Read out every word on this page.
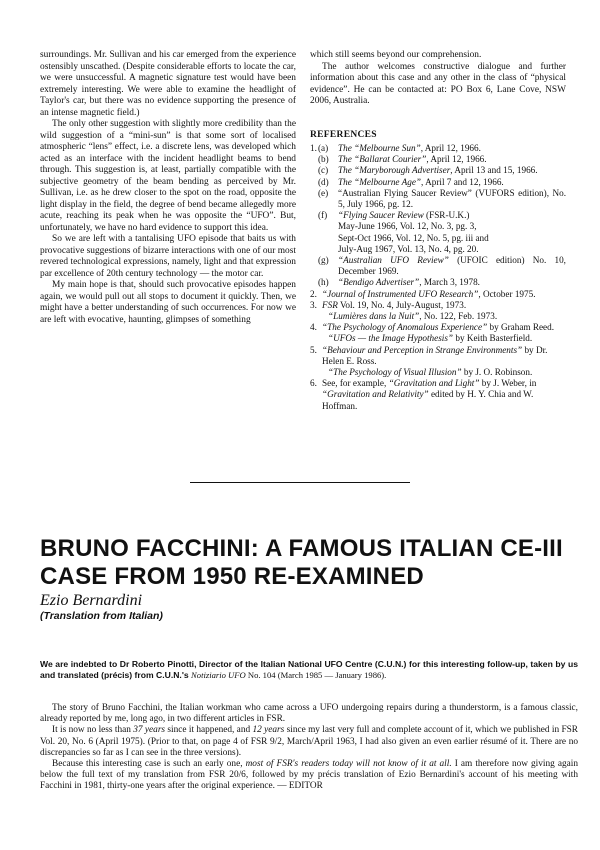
surroundings. Mr. Sullivan and his car emerged from the experience ostensibly unscathed. (Despite considerable efforts to locate the car, we were unsuccessful. A magnetic signature test would have been extremely interesting. We were able to examine the headlight of Taylor's car, but there was no evidence supporting the presence of an intense magnetic field.)

The only other suggestion with slightly more credibility than the wild suggestion of a “mini-sun” is that some sort of localised atmospheric “lens” effect, i.e. a discrete lens, was developed which acted as an interface with the incident headlight beams to bend through. This suggestion is, at least, partially compatible with the subjective geometry of the beam bending as perceived by Mr. Sullivan, i.e. as he drew closer to the spot on the road, opposite the light display in the field, the degree of bend became allegedly more acute, reaching its peak when he was opposite the “UFO”. But, unfortunately, we have no hard evidence to support this idea.

So we are left with a tantalising UFO episode that baits us with provocative suggestions of bizarre interactions with one of our most revered technological expressions, namely, light and that expression par excellence of 20th century technology — the motor car.

My main hope is that, should such provocative episodes happen again, we would pull out all stops to document it quickly. Then, we might have a better understanding of such occurrences. For now we are left with evocative, haunting, glimpses of something

which still seems beyond our comprehension.

The author welcomes constructive dialogue and further information about this case and any other in the class of “physical evidence”. He can be contacted at: PO Box 6, Lane Cove, NSW 2006, Australia.

REFERENCES
1. (a)	The “Melbourne Sun”, April 12, 1966.
(b)	The “Ballarat Courier”, April 12, 1966.
(c)	The “Maryborough Advertiser, April 13 and 15, 1966.
(d)	The “Melbourne Age”, April 7 and 12, 1966.
(e)	“Australian Flying Saucer Review” (VUFORS edition), No. 5, July 1966, pg. 12.
(f)	“Flying Saucer Review (FSR-U.K.)
May-June 1966, Vol. 12, No. 3, pg. 3,
Sept-Oct 1966, Vol. 12, No. 5, pg. iii and
July-Aug 1967, Vol. 13, No. 4, pg. 20.
(g)	“Australian UFO Review” (UFOIC edition) No. 10, December 1969.
(h)	“Bendigo Advertiser”, March 3, 1978.
2. “Journal of Instrumented UFO Research”, October 1975.
3. FSR Vol. 19, No. 4, July-August, 1973.
“Lumières dans la Nuit”, No. 122, Feb. 1973.
4. “The Psychology of Anomalous Experience” by Graham Reed.
“UFOs — the Image Hypothesis” by Keith Basterfield.
5. “Behaviour and Perception in Strange Environments” by Dr. Helen E. Ross.
“The Psychology of Visual Illusion” by J. O. Robinson.
6. See, for example, “Gravitation and Light” by J. Weber, in “Gravitation and Relativity” edited by H. Y. Chia and W. Hoffman.
BRUNO FACCHINI: A FAMOUS ITALIAN CE-III CASE FROM 1950 RE-EXAMINED
Ezio Bernardini
(Translation from Italian)
We are indebted to Dr Roberto Pinotti, Director of the Italian National UFO Centre (C.U.N.) for this interesting follow-up, taken by us and translated (précis) from C.U.N.'s Notiziario UFO No. 104 (March 1985 — January 1986).

The story of Bruno Facchini, the Italian workman who came across a UFO undergoing repairs during a thunderstorm, is a famous classic, already reported by me, long ago, in two different articles in FSR.

It is now no less than 37 years since it happened, and 12 years since my last very full and complete account of it, which we published in FSR Vol. 20, No. 6 (April 1975). (Prior to that, on page 4 of FSR 9/2, March/April 1963, I had also given an even earlier résumé of it. There are no discrepancies so far as I can see in the three versions).

Because this interesting case is such an early one, most of FSR's readers today will not know of it at all. I am therefore now giving again below the full text of my translation from FSR 20/6, followed by my précis translation of Ezio Bernardini's account of his meeting with Facchini in 1981, thirty-one years after the original experience. — EDITOR
